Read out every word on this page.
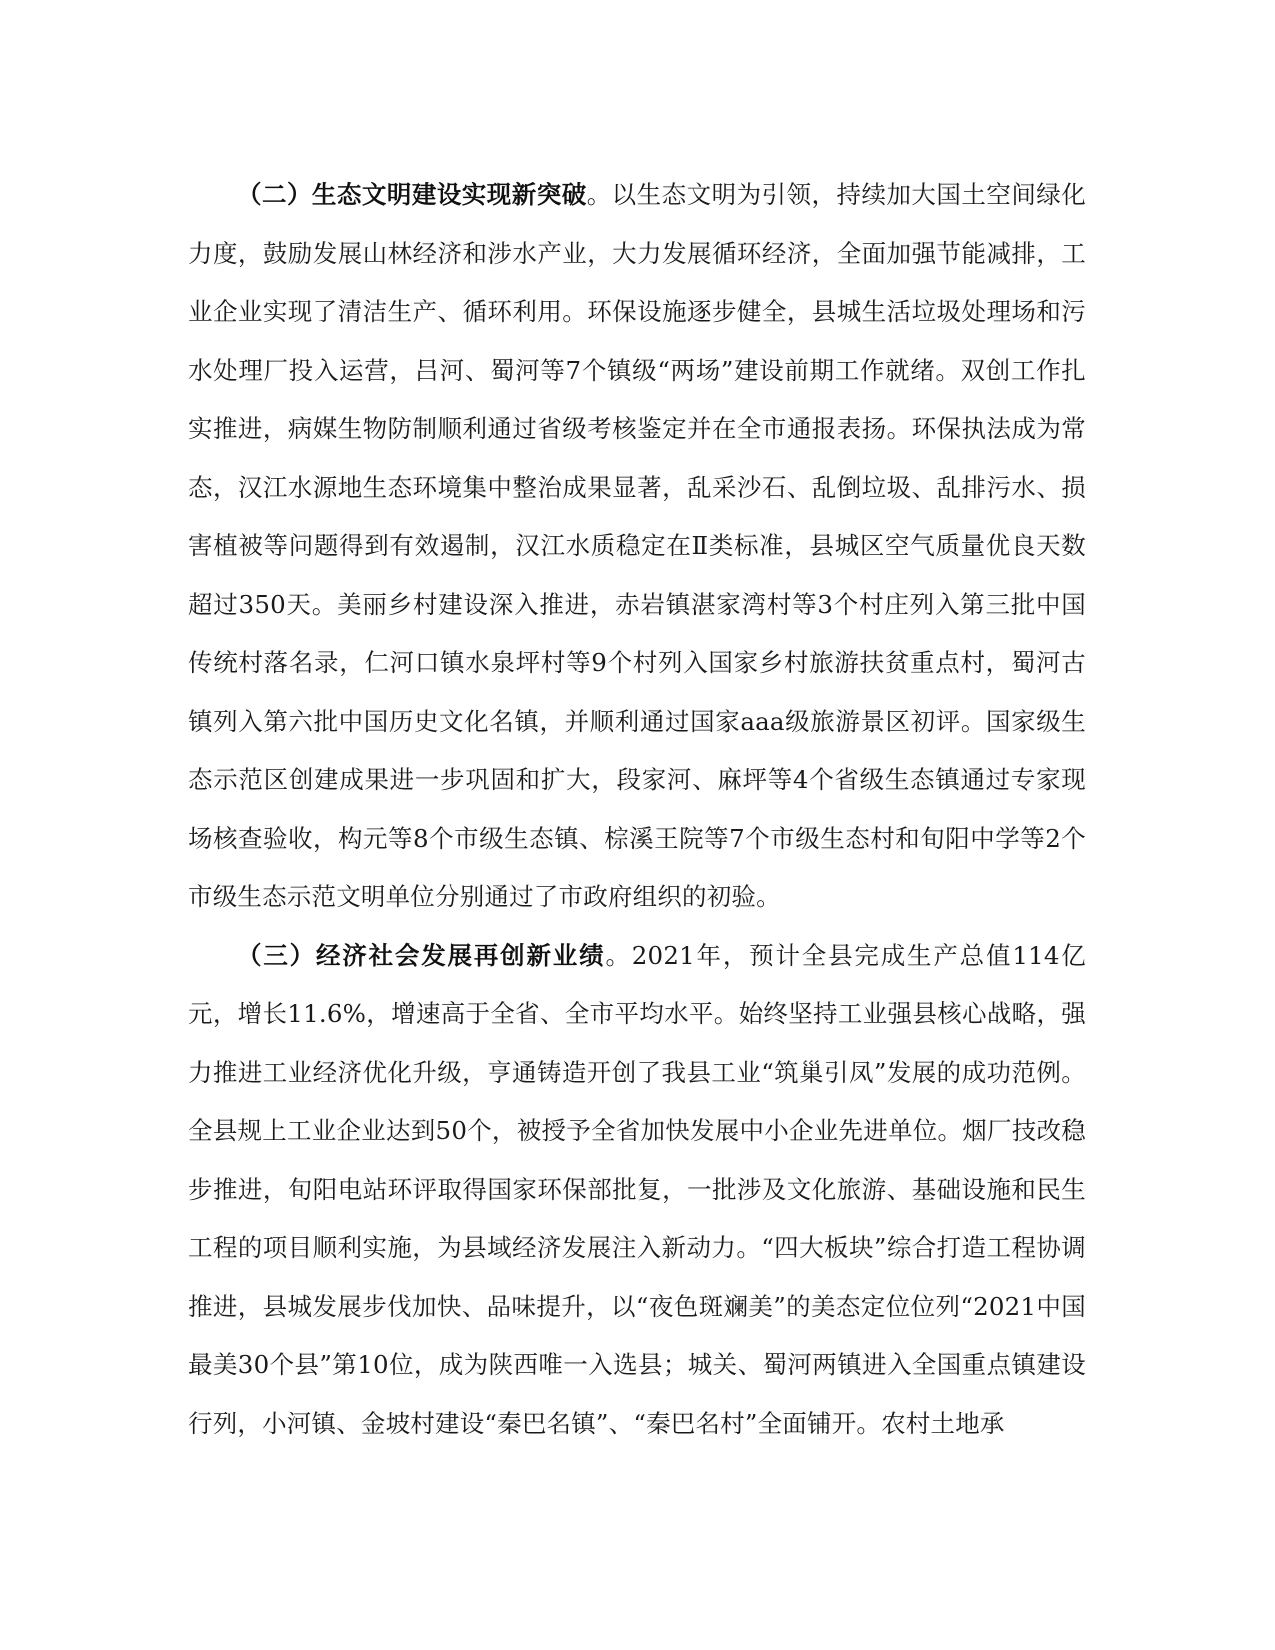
（二）生态文明建设实现新突破。以生态文明为引领，持续加大国土空间绿化力度，鼓励发展山林经济和涉水产业，大力发展循环经济，全面加强节能减排，工业企业实现了清洁生产、循环利用。环保设施逐步健全，县城生活垃圾处理场和污水处理厂投入运营，吕河、蜀河等7个镇级“两场”建设前期工作就绪。双创工作扎实推进，病媒生物防制顺利通过省级考核鉴定并在全市通报表扬。环保执法成为常态，汉江水源地生态环境集中整治成果显著，乱采沙石、乱倒垃圾、乱排污水、损害植被等问题得到有效遏制，汉江水质稳定在Ⅱ类标准，县城区空气质量优良天数超过350天。美丽乡村建设深入推进，赤岩镇湛家湾村等3个村庄列入第三批中国传统村落名录，仁河口镇水泉坪村等9个村列入国家乡村旅游扶贫重点村，蜀河古镇列入第六批中国历史文化名镇，并顺利通过国家aaa级旅游景区初评。国家级生态示范区创建成果进一步巩固和扩大，段家河、麻坪等4个省级生态镇通过专家现场核查验收，构元等8个市级生态镇、棕溪王院等7个市级生态村和旬阳中学等2个市级生态示范文明单位分别通过了市政府组织的初验。

（三）经济社会发展再创新业绩。2021年，预计全县完成生产总值114亿元，增长11.6%，增速高于全省、全市平均水平。始终坚持工业强县核心战略，强力推进工业经济优化升级，亨通铸造开创了我县工业“筑巢引凤”发展的成功范例。全县规上工业企业达到50个，被授予全省加快发展中小企业先进单位。烟厂技改稳步推进，旬阳电站环评取得国家环保部批复，一批涉及文化旅游、基础设施和民生工程的项目顺利实施，为县域经济发展注入新动力。“四大板块”综合打造工程协调推进，县城发展步伐加快、品味提升，以“夜色斑斓美”的美态定位位列“2021中国最美30个县”第10位，成为陕西唯一入选县；城关、蜀河两镇进入全国重点镇建设行列，小河镇、金坡村建设“秦巴名镇”、“秦巴名村”全面铺开。农村土地承
